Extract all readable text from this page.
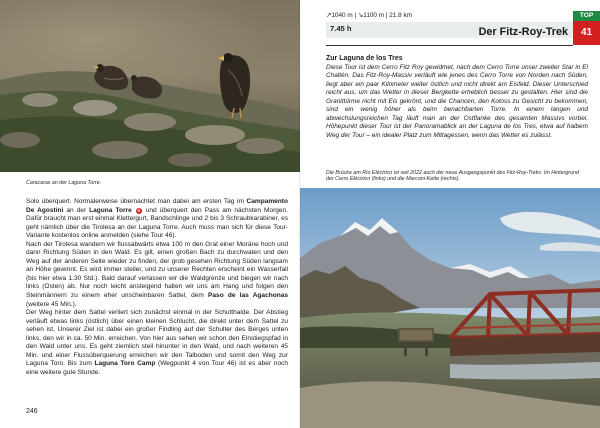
Caracaras an der Laguna Torre.
Solo überquert. Normalerweise übernachtet man dabei am ersten Tag im Campamento De Agostini an der Laguna Torre 5 und überquert den Pass am nächsten Morgen. Dafür braucht man erst einmal Klettergurt, Bandschlinge und 2 bis 3 Schraubkarabiner, es geht nämlich über die Tirolesa an der Laguna Torre. Auch muss man sich für diese Tour-Variante kostenlos online anmelden (siehe Tour 46).
Nach der Tirolesa wandern wir flussabwärts etwa 100 m den Grat einer Moräne hoch und dann Richtung Süden in den Wald. Es gilt, einen großen Bach zu durchwaten und den Weg auf der anderen Seite wieder zu finden, der grob gesehen Richtung Süden langsam an Höhe gewinnt. Es wird immer steiler, und zu unserer Rechten erscheint ein Wasserfall (bis hier etwa 1.30 Std.). Bald darauf verlassen wir die Waldgrenze und biegen wir nach links (Osten) ab. Nur noch leicht ansteigend halten wir uns am Hang und folgen den Steinmännern zu einem eher unscheinbaren Sattel, dem Paso de las Agachonas (weitere 45 Min.).
Der Weg hinter dem Sattel verliert sich zunächst einmal in der Schutthalde. Der Abstieg verläuft etwas links (östlich) über einen kleinen Schlucht, die direkt unter dem Sattel zu sehen ist. Unserer Ziel ist dabei ein großer Findling auf der Schulter des Berges unten links, den wir in ca. 50 Min. erreichen. Von hier aus sehen wir schon den Einstiegspfad in den Wald unter uns. Es geht ziemlich steil hinunter in den Wald, und nach weiteren 45 Min. und einer Flussüberquerung erreichen wir den Talboden und somit den Weg zur Laguna Toro. Bis zum Laguna Toro Camp (Wegpunkt 4 von Tour 46) ist es aber noch eine weitere gute Stunde.
246
↗1040 m | ↘1100 m | 21.8 km
7.45 h	Der Fitz-Roy-Trek
TOP
41
Zur Laguna de los Tres
Diese Tour ist dem Cerro Fitz Roy gewidmet, nach dem Cerro Torre unser zweiter Star in El Chaltén. Das Fitz-Roy-Massiv verläuft wie jenes des Cerro Torre von Norden nach Süden, liegt aber ein paar Kilometer weiter östlich und nicht direkt am Eisfeld. Dieser Unterschied reicht aus, um das Wetter in dieser Bergkette erheblich besser zu gestalten. Hier sind die Granittürme nicht mit Eis gekrönt, und die Chancen, den Koloss zu Gesicht zu bekommen, sind ein wenig höher als beim benachbarten Torre. In einem langen und abwechslungsreichen Tag läuft man an der Ostflanke des gesamten Massivs vorbei. Höhepunkt dieser Tour ist der Panoramablick an der Laguna de los Tres, etwa auf halbem Weg der Tour – ein idealer Platz zum Mittagessen, wenn das Wetter es zulässt.
Die Brücke am Río Eléctrico ist seit 2022 auch der neue Ausgangspunkt des Fitz-Roy-Treks. Im Hintergrund der Cerro Eléctrico (links) und die Marconi-Kette (rechts).
